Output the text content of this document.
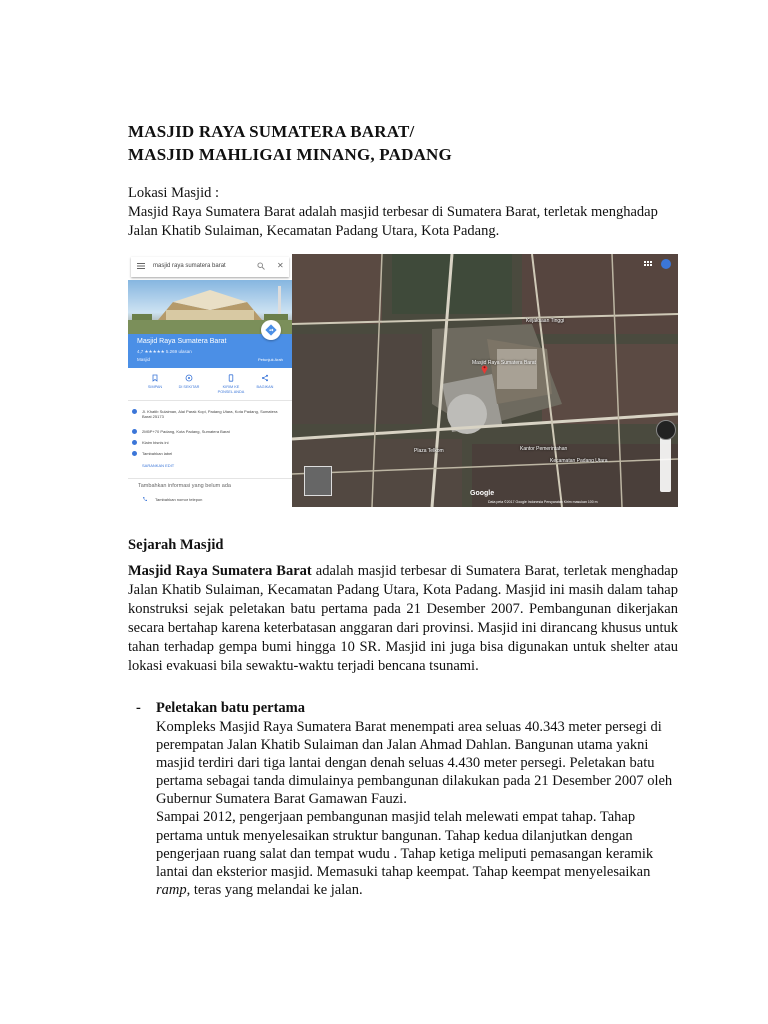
MASJID RAYA SUMATERA BARAT/
MASJID MAHLIGAI MINANG, PADANG
Lokasi Masjid :
Masjid Raya Sumatera Barat adalah masjid terbesar di Sumatera Barat, terletak menghadap Jalan Khatib Sulaiman, Kecamatan Padang Utara, Kota Padang.
masjid raya sumatera barat	✕
Masjid Raya Sumatera Barat
4,7 ★★★★★ 5.269 ulasan
Masjid	Petunjuk Arah
SIMPAN	DI SEKITAR	KIRIM KE PONSEL ANDA
BAGIKAN
Jl. Khatib Sulaiman, Alai Parak Kopi, Padang Utara, Kota Padang, Sumatera Barat 25173
2M5P+70 Padang, Kota Padang, Sumatera Barat
Klaim bisnis ini
Tambahkan label
SARANKAN EDIT
Tambahkan informasi yang belum ada
Tambahkan nomor telepon
Masjid Raya Sumatera Barat
Kejaksaan Tinggi
Plaza Telkom	Kantor Pemerintahan
Kecamatan Padang Utara
Google
Data peta ©2017 Google Indonesia Persyaratan Kirim masukan 100 m
Sejarah Masjid

Masjid Raya Sumatera Barat adalah masjid terbesar di Sumatera Barat, terletak menghadap Jalan Khatib Sulaiman, Kecamatan Padang Utara, Kota Padang. Masjid ini masih dalam tahap konstruksi sejak peletakan batu pertama pada 21 Desember 2007. Pembangunan dikerjakan secara bertahap karena keterbatasan anggaran dari provinsi. Masjid ini dirancang khusus untuk tahan terhadap gempa bumi hingga 10 SR. Masjid ini juga bisa digunakan untuk shelter atau lokasi evakuasi bila sewaktu-waktu terjadi bencana tsunami.

- Peletakan batu pertama

Kompleks Masjid Raya Sumatera Barat menempati area seluas 40.343 meter persegi di perempatan Jalan Khatib Sulaiman dan Jalan Ahmad Dahlan. Bangunan utama yakni masjid terdiri dari tiga lantai dengan denah seluas 4.430 meter persegi. Peletakan batu pertama sebagai tanda dimulainya pembangunan dilakukan pada 21 Desember 2007 oleh Gubernur Sumatera Barat Gamawan Fauzi.

Sampai 2012, pengerjaan pembangunan masjid telah melewati empat tahap. Tahap pertama untuk menyelesaikan struktur bangunan. Tahap kedua dilanjutkan dengan pengerjaan ruang salat dan tempat wudu . Tahap ketiga meliputi pemasangan keramik lantai dan eksterior masjid. Memasuki tahap keempat. Tahap keempat menyelesaikan ramp, teras yang melandai ke jalan.
